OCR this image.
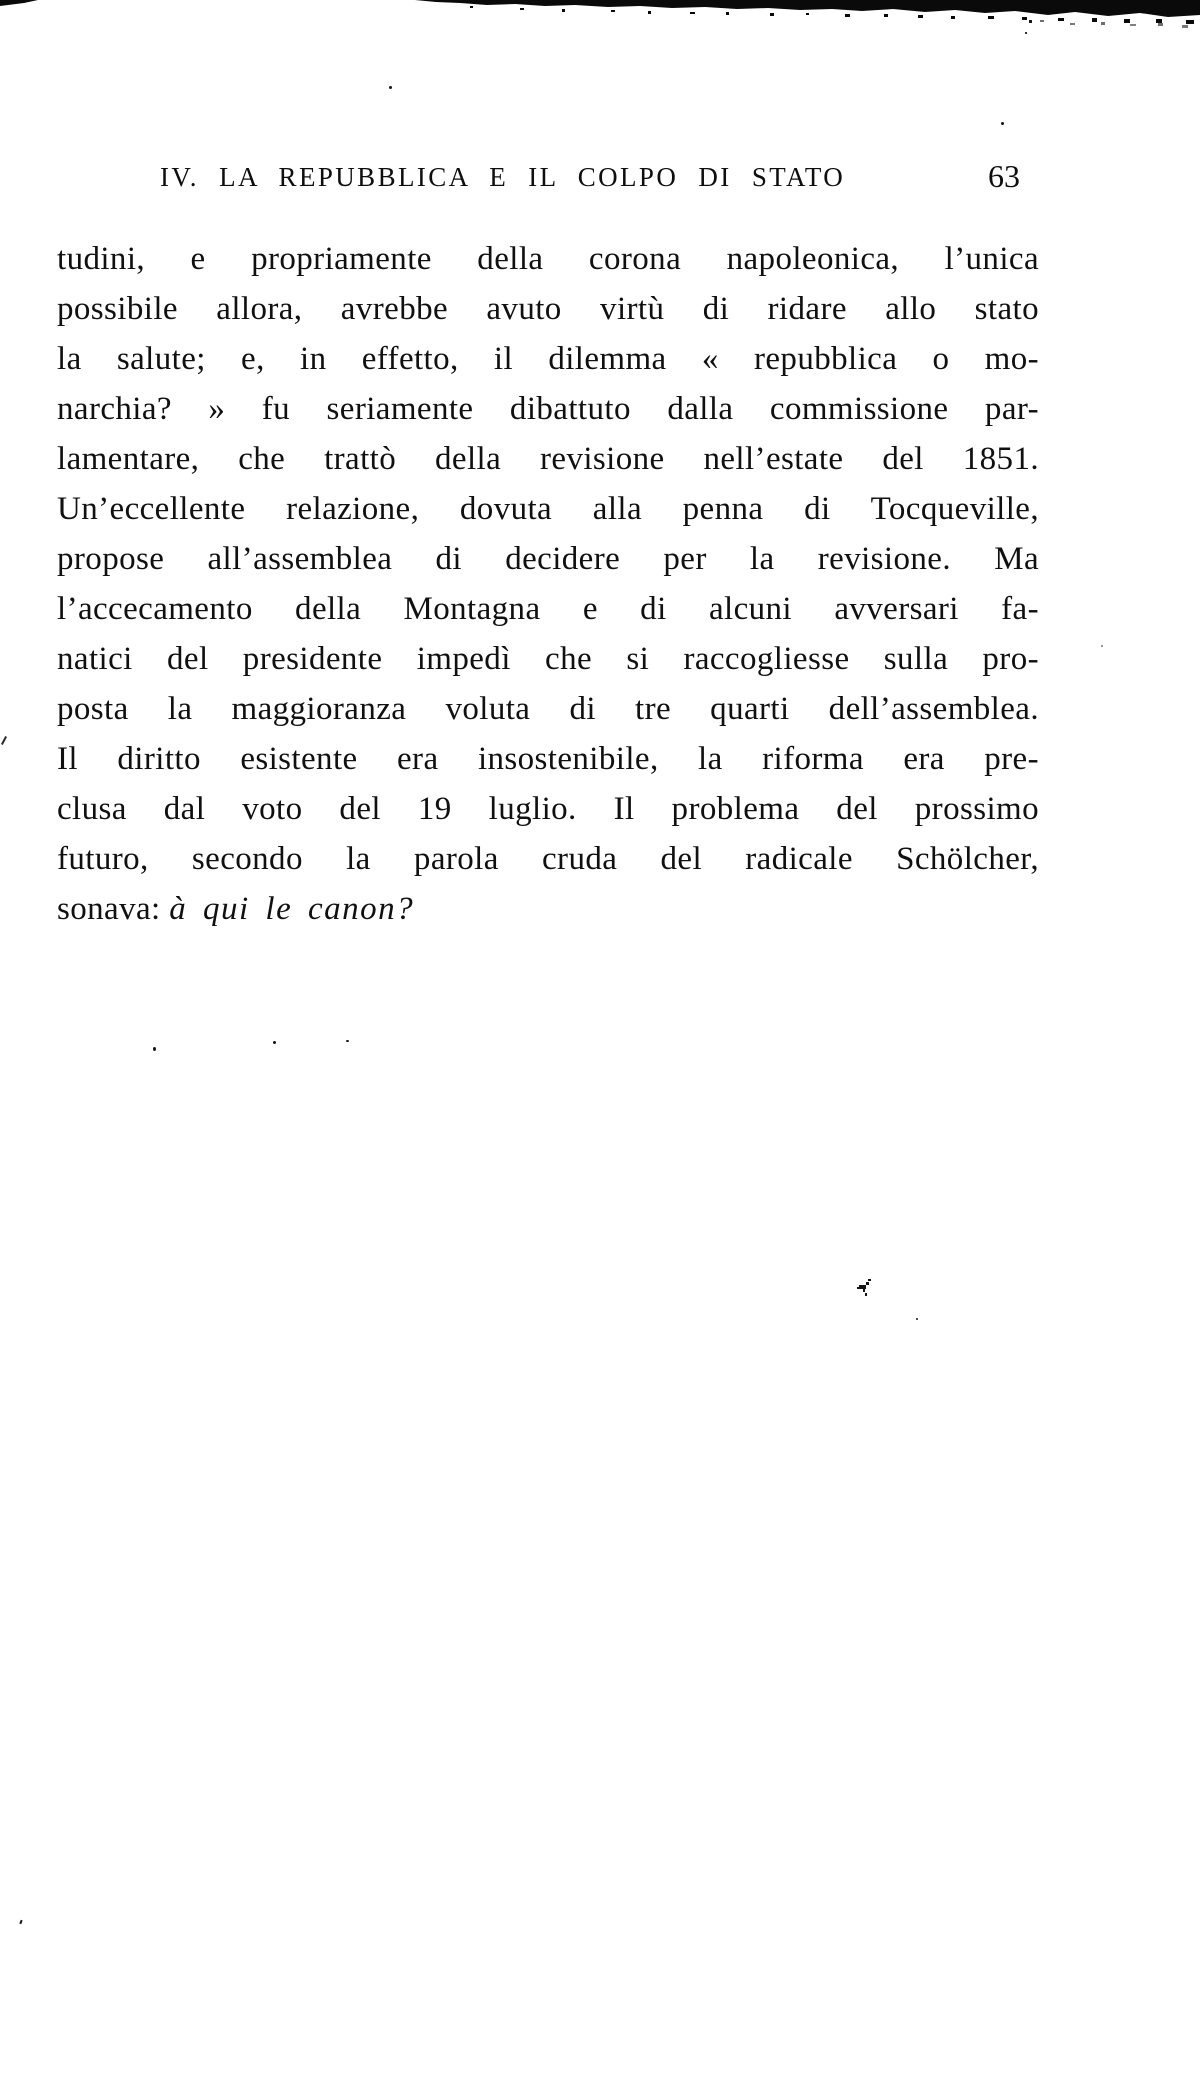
IV. LA REPUBBLICA E IL COLPO DI STATO	63
tudini, e propriamente della corona napoleonica, l’unica
possibile allora, avrebbe avuto virtù di ridare allo stato
la salute; e, in effetto, il dilemma « repubblica o mo-
narchia? » fu seriamente dibattuto dalla commissione par-
lamentare, che trattò della revisione nell’estate del 1851.
Un’eccellente relazione, dovuta alla penna di Tocqueville,
propose all’assemblea di decidere per la revisione. Ma
l’accecamento della Montagna e di alcuni avversari fa-
natici del presidente impedì che si raccogliesse sulla pro-
posta la maggioranza voluta di tre quarti dell’assemblea.
Il diritto esistente era insostenibile, la riforma era pre-
clusa dal voto del 19 luglio. Il problema del prossimo
futuro, secondo la parola cruda del radicale Schölcher,
sonava: à qui le canon?
